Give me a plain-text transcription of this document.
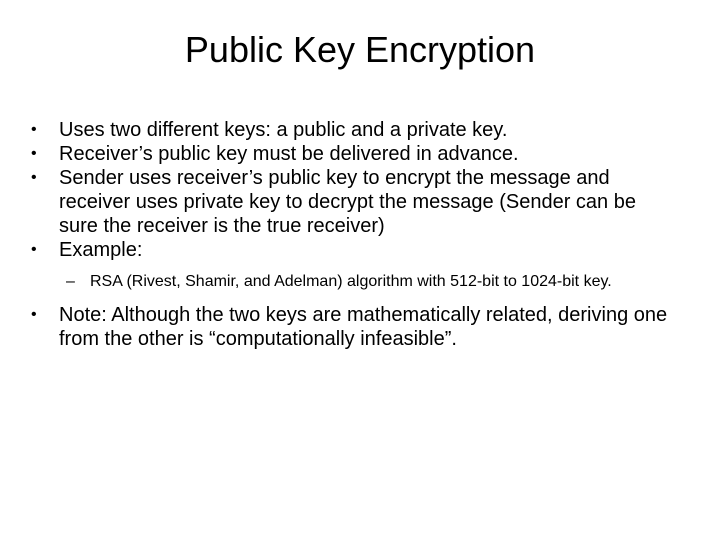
Public Key Encryption
• Uses two different keys: a public and a private key.
• Receiver’s public key must be delivered in advance.
• Sender uses receiver’s public key to encrypt the message and receiver uses private key to decrypt the message (Sender can be sure the receiver is the true receiver)
• Example:
– RSA (Rivest, Shamir, and Adelman) algorithm with 512-bit to 1024-bit key.
• Note: Although the two keys are mathematically related, deriving one from the other is “computationally infeasible”.
